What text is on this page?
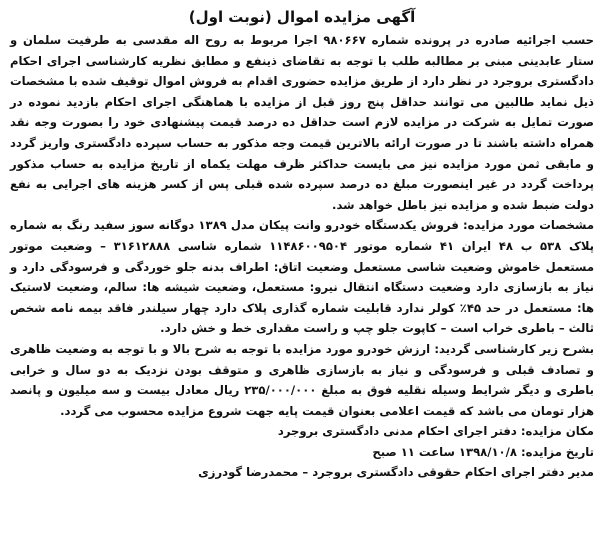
آگهی مزایده اموال (نوبت اول)

حسب اجرائیه صادره در پرونده شماره ۹۸۰۶۶۷ اجرا مربوط به روح اله مقدسی به طرفیت سلمان و ستار عابدینی مبنی بر مطالبه طلب با توجه به تقاضای ذینفع و مطابق نظریه کارشناسی اجرای احکام دادگستری بروجرد در نظر دارد از طریق مزایده حضوری اقدام به فروش اموال توقیف شده با مشخصات ذیل نماید طالبین می توانند حداقل پنج روز قبل از مزایده با هماهنگی اجرای احکام بازدید نموده در صورت تمایل به شرکت در مزایده لازم است حداقل ده درصد قیمت پیشنهادی خود را بصورت وجه نقد همراه داشته باشند تا در صورت ارائه بالاترین قیمت وجه مذکور به حساب سپرده دادگستری واریز گردد و مابقی ثمن مورد مزایده نیز می بایست حداکثر ظرف مهلت یکماه از تاریخ مزایده به حساب مذکور پرداخت گردد در غیر اینصورت مبلغ ده درصد سپرده شده قبلی پس از کسر هزینه های اجرایی به نفع دولت ضبط شده و مزایده نیز باطل خواهد شد.

مشخصات مورد مزایده: فروش یکدستگاه خودرو وانت پیکان مدل ۱۳۸۹ دوگانه سوز سفید رنگ به شماره پلاک ۵۳۸ ب ۴۸ ایران ۴۱ شماره موتور ۱۱۴۸۶۰۰۹۵۰۴ شماره شاسی ۳۱۶۱۲۸۸۸ – وضعیت موتور مستعمل خاموش وضعیت شاسی مستعمل وضعیت اتاق: اطراف بدنه جلو خوردگی و فرسودگی دارد و نیاز به بازسازی دارد وضعیت دستگاه انتقال نیرو: مستعمل، وضعیت شیشه ها: سالم، وضعیت لاستیک ها: مستعمل در حد ۴۵٪ کولر ندارد قابلیت شماره گذاری پلاک دارد چهار سیلندر فاقد بیمه نامه شخص ثالث – باطری خراب است – کاپوت جلو چپ و راست مقداری خط و خش دارد.

بشرح زیر کارشناسی گردید: ارزش خودرو مورد مزایده با توجه به شرح بالا و با توجه به وضعیت ظاهری و تصادف قبلی و فرسودگی و نیاز به بازسازی ظاهری و متوقف بودن نزدیک به دو سال و خرابی باطری و دیگر شرایط وسیله نقلیه فوق به مبلغ ۲۳۵/۰۰۰/۰۰۰ ریال معادل بیست و سه میلیون و پانصد هزار تومان می باشد که قیمت اعلامی بعنوان قیمت پایه جهت شروع مزایده محسوب می گردد.

مکان مزایده: دفتر اجرای احکام مدنی دادگستری بروجرد
تاریخ مزایده: ۱۳۹۸/۱۰/۸ ساعت ۱۱ صبح
مدیر دفتر اجرای احکام حقوقی دادگستری بروجرد – محمدرضا گودرزی
